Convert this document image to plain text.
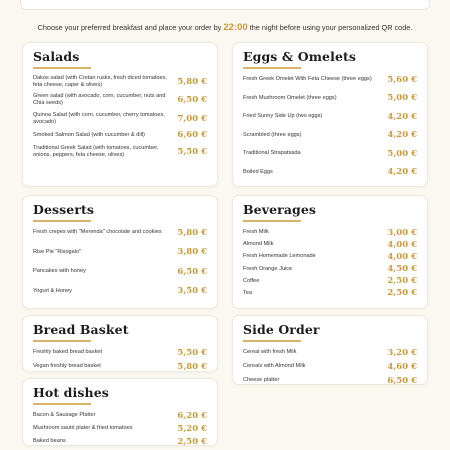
Choose your preferred breakfast and place your order by 22:00 the night before using your personalized QR code.
Salads
Dakos salad (with Cretan rusks, fresh diced tomatoes, feta cheese, caper & olives)	5,80 €
Green salad (with avocado, corn, cucumber, nuts and Chia seeds)	6,50 €
Quinoa Salad (with corn, cucumber, cherry tomatoes, avocado)	7,00 €
Smoked Salmon Salad (with cucumber & dill)	6,60 €
Traditional Greek Salad (with tomatoes, cucumber, onions, peppers, feta cheese, olives)	5,50 €
Eggs & Omelets
Fresh Greek Omelet With Feta Cheese (three eggs)	5,60 €
Fresh Mushroom Omelet (three eggs)	5,00 €
Fried Sunny Side Up (two eggs)	4,20 €
Scrambled (three eggs)	4,20 €
Traditional Strapatsada	5,00 €
Boiled Eggs	4,20 €
Desserts
Fresh crepes with "Merenda" chocolate and cookies	5,80 €
Rise Pie "Risogalo"	3,80 €
Pancakes with honey	6,50 €
Yogurt & Honey	3,50 €
Beverages
Fresh Milk	3,00 €
Almond Milk	4,00 €
Fresh Homemade Lemonade	4,00 €
Fresh Orange Juice	4,50 €
Coffee	2,50 €
Tea	2,50 €
Bread Basket
Freshly baked bread basket	5,50 €
Vegan freshly bread basket	5,80 €
Side Order
Cereal with fresh Milk	3,20 €
Cereals with Almond Milk	4,60 €
Cheese platter	6,50 €
Hot dishes
Bacon & Sausage Platter	6,20 €
Mushroom sauté plater & fried tomatoes	5,20 €
Baked beans	2,50 €
